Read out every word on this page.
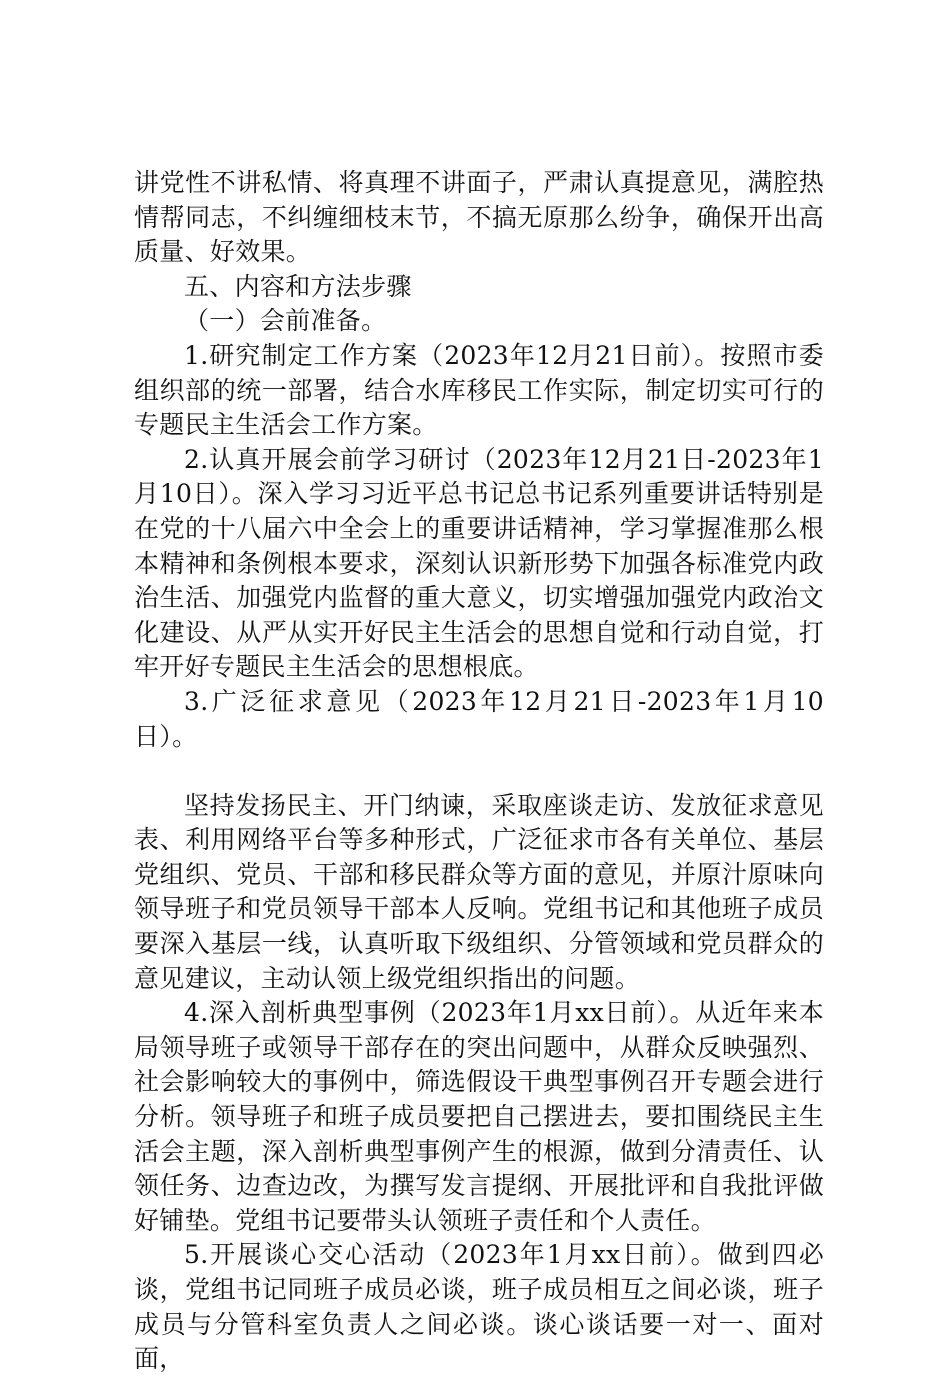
讲党性不讲私情、将真理不讲面子，严肃认真提意见，满腔热情帮同志，不纠缠细枝末节，不搞无原那么纷争，确保开出高质量、好效果。

五、内容和方法步骤

（一）会前准备。

1.研究制定工作方案（2023年12月21日前）。按照市委组织部的统一部署，结合水库移民工作实际，制定切实可行的专题民主生活会工作方案。

2.认真开展会前学习研讨（2023年12月21日-2023年1月10日）。深入学习习近平总书记总书记系列重要讲话特别是在党的十八届六中全会上的重要讲话精神，学习掌握准那么根本精神和条例根本要求，深刻认识新形势下加强各标准党内政治生活、加强党内监督的重大意义，切实增强加强党内政治文化建设、从严从实开好民主生活会的思想自觉和行动自觉，打牢开好专题民主生活会的思想根底。

3.广泛征求意见（2023年12月21日-2023年1月10日）。

坚持发扬民主、开门纳谏，采取座谈走访、发放征求意见表、利用网络平台等多种形式，广泛征求市各有关单位、基层党组织、党员、干部和移民群众等方面的意见，并原汁原味向领导班子和党员领导干部本人反响。党组书记和其他班子成员要深入基层一线，认真听取下级组织、分管领域和党员群众的意见建议，主动认领上级党组织指出的问题。

4.深入剖析典型事例（2023年1月xx日前）。从近年来本局领导班子或领导干部存在的突出问题中，从群众反映强烈、社会影响较大的事例中，筛选假设干典型事例召开专题会进行分析。领导班子和班子成员要把自己摆进去，要扣围绕民主生活会主题，深入剖析典型事例产生的根源，做到分清责任、认领任务、边查边改，为撰写发言提纲、开展批评和自我批评做好铺垫。党组书记要带头认领班子责任和个人责任。

5.开展谈心交心活动（2023年1月xx日前）。做到四必谈，党组书记同班子成员必谈，班子成员相互之间必谈，班子成员与分管科室负责人之间必谈。谈心谈话要一对一、面对面，
